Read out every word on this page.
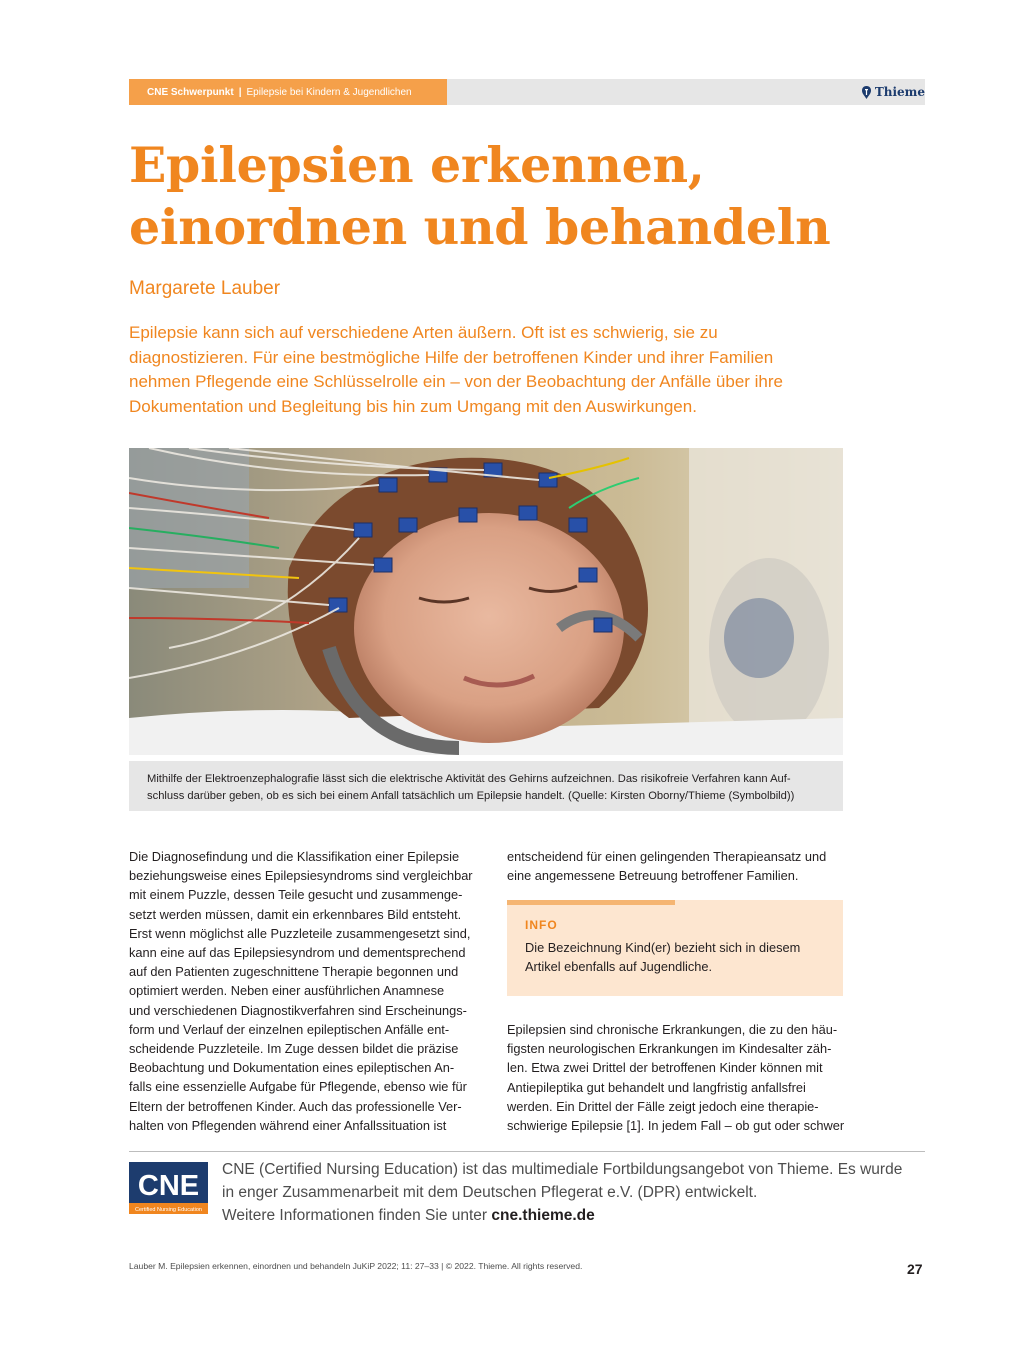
CNE Schwerpunkt | Epilepsie bei Kindern & Jugendlichen	Thieme
Epilepsien erkennen,
einordnen und behandeln
Margarete Lauber
Epilepsie kann sich auf verschiedene Arten äußern. Oft ist es schwierig, sie zu
diagnostizieren. Für eine bestmögliche Hilfe der betroffenen Kinder und ihrer Familien
nehmen Pflegende eine Schlüsselrolle ein – von der Beobachtung der Anfälle über ihre
Dokumentation und Begleitung bis hin zum Umgang mit den Auswirkungen.
Mithilfe der Elektroenzephalografie lässt sich die elektrische Aktivität des Gehirns aufzeichnen. Das risikofreie Verfahren kann Auf-
schluss darüber geben, ob es sich bei einem Anfall tatsächlich um Epilepsie handelt. (Quelle: Kirsten Oborny/Thieme (Symbolbild))
Die Diagnosefindung und die Klassifikation einer Epilepsie
beziehungsweise eines Epilepsiesyndroms sind vergleichbar
mit einem Puzzle, dessen Teile gesucht und zusammenge-
setzt werden müssen, damit ein erkennbares Bild entsteht.
Erst wenn möglichst alle Puzzleteile zusammengesetzt sind,
kann eine auf das Epilepsiesyndrom und dementsprechend
auf den Patienten zugeschnittene Therapie begonnen und
optimiert werden. Neben einer ausführlichen Anamnese
und verschiedenen Diagnostikverfahren sind Erscheinungs-
form und Verlauf der einzelnen epileptischen Anfälle ent-
scheidende Puzzleteile. Im Zuge dessen bildet die präzise
Beobachtung und Dokumentation eines epileptischen An-
falls eine essenzielle Aufgabe für Pflegende, ebenso wie für
Eltern der betroffenen Kinder. Auch das professionelle Ver-
halten von Pflegenden während einer Anfallssituation ist
entscheidend für einen gelingenden Therapieansatz und
eine angemessene Betreuung betroffener Familien.
INFO
Die Bezeichnung Kind(er) bezieht sich in diesem
Artikel ebenfalls auf Jugendliche.
Epilepsien sind chronische Erkrankungen, die zu den häu-
figsten neurologischen Erkrankungen im Kindesalter zäh-
len. Etwa zwei Drittel der betroffenen Kinder können mit
Antiepileptika gut behandelt und langfristig anfallsfrei
werden. Ein Drittel der Fälle zeigt jedoch eine therapie-
schwierige Epilepsie [1]. In jedem Fall – ob gut oder schwer
CNE
Certified Nursing Education
CNE (Certified Nursing Education) ist das multimediale Fortbildungsangebot von Thieme. Es wurde
in enger Zusammenarbeit mit dem Deutschen Pflegerat e.V. (DPR) entwickelt.
Weitere Informationen finden Sie unter cne.thieme.de
Lauber M. Epilepsien erkennen, einordnen und behandeln JuKiP 2022; 11: 27–33 | © 2022. Thieme. All rights reserved.	27
